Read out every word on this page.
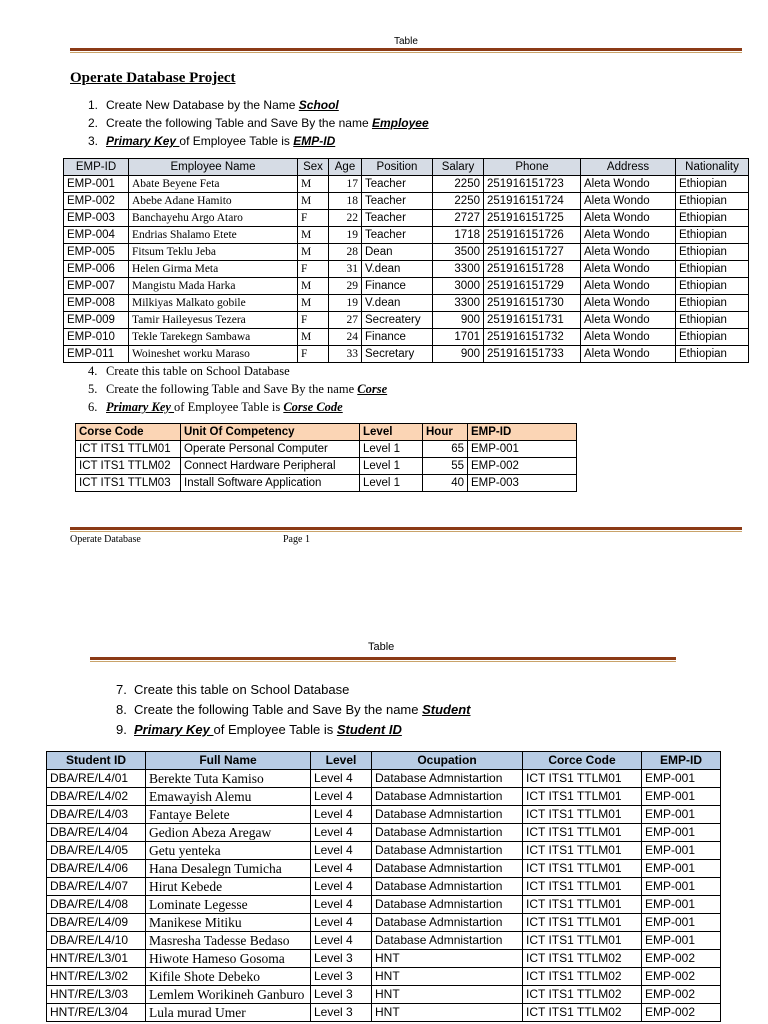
Table
Operate Database Project
1. Create New Database by the Name School
2. Create the following Table and Save By the name Employee
3. Primary Key of Employee Table is EMP-ID
EMP-ID	Employee Name	Sex	Age	Position	Salary	Phone	Address	Nationality
EMP-001	Abate Beyene Feta	M	17	Teacher	2250	251916151723	Aleta Wondo	Ethiopian
EMP-002	Abebe Adane Hamito	M	18	Teacher	2250	251916151724	Aleta Wondo	Ethiopian
EMP-003	Banchayehu Argo Ataro	F	22	Teacher	2727	251916151725	Aleta Wondo	Ethiopian
EMP-004	Endrias Shalamo Etete	M	19	Teacher	1718	251916151726	Aleta Wondo	Ethiopian
EMP-005	Fitsum Teklu Jeba	M	28	Dean	3500	251916151727	Aleta Wondo	Ethiopian
EMP-006	Helen Girma Meta	F	31	V.dean	3300	251916151728	Aleta Wondo	Ethiopian
EMP-007	Mangistu Mada Harka	M	29	Finance	3000	251916151729	Aleta Wondo	Ethiopian
EMP-008	Milkiyas Malkato gobile	M	19	V.dean	3300	251916151730	Aleta Wondo	Ethiopian
EMP-009	Tamir Haileyesus Tezera	F	27	Secreatery	900	251916151731	Aleta Wondo	Ethiopian
EMP-010	Tekle Tarekegn Sambawa	M	24	Finance	1701	251916151732	Aleta Wondo	Ethiopian
EMP-011	Woineshet worku Maraso	F	33	Secretary	900	251916151733	Aleta Wondo	Ethiopian
4. Create this table on School Database
5. Create the following Table and Save By the name Corse
6. Primary Key of Employee Table is Corse Code
Corse Code	Unit Of Competency	Level	Hour	EMP-ID
ICT ITS1 TTLM01	Operate Personal Computer	Level 1	65	EMP-001
ICT ITS1 TTLM02	Connect Hardware Peripheral	Level 1	55	EMP-002
ICT ITS1 TTLM03	Install Software Application	Level 1	40	EMP-003
Operate Database	Page 1
Table
7. Create this table on School Database
8. Create the following Table and Save By the name Student
9. Primary Key of Employee Table is Student ID
Student ID	Full Name	Level	Ocupation	Corce Code	EMP-ID
DBA/RE/L4/01	Berekte Tuta Kamiso	Level 4	Database Admnistartion	ICT ITS1 TTLM01	EMP-001
DBA/RE/L4/02	Emawayish Alemu	Level 4	Database Admnistartion	ICT ITS1 TTLM01	EMP-001
DBA/RE/L4/03	Fantaye Belete	Level 4	Database Admnistartion	ICT ITS1 TTLM01	EMP-001
DBA/RE/L4/04	Gedion Abeza Aregaw	Level 4	Database Admnistartion	ICT ITS1 TTLM01	EMP-001
DBA/RE/L4/05	Getu yenteka	Level 4	Database Admnistartion	ICT ITS1 TTLM01	EMP-001
DBA/RE/L4/06	Hana Desalegn Tumicha	Level 4	Database Admnistartion	ICT ITS1 TTLM01	EMP-001
DBA/RE/L4/07	Hirut Kebede	Level 4	Database Admnistartion	ICT ITS1 TTLM01	EMP-001
DBA/RE/L4/08	Lominate Legesse	Level 4	Database Admnistartion	ICT ITS1 TTLM01	EMP-001
DBA/RE/L4/09	Manikese Mitiku	Level 4	Database Admnistartion	ICT ITS1 TTLM01	EMP-001
DBA/RE/L4/10	Masresha Tadesse Bedaso	Level 4	Database Admnistartion	ICT ITS1 TTLM01	EMP-001
HNT/RE/L3/01	Hiwote Hameso Gosoma	Level 3	HNT	ICT ITS1 TTLM02	EMP-002
HNT/RE/L3/02	Kifile Shote Debeko	Level 3	HNT	ICT ITS1 TTLM02	EMP-002
HNT/RE/L3/03	Lemlem Worikineh Ganburo	Level 3	HNT	ICT ITS1 TTLM02	EMP-002
HNT/RE/L3/04	Lula murad Umer	Level 3	HNT	ICT ITS1 TTLM02	EMP-002
